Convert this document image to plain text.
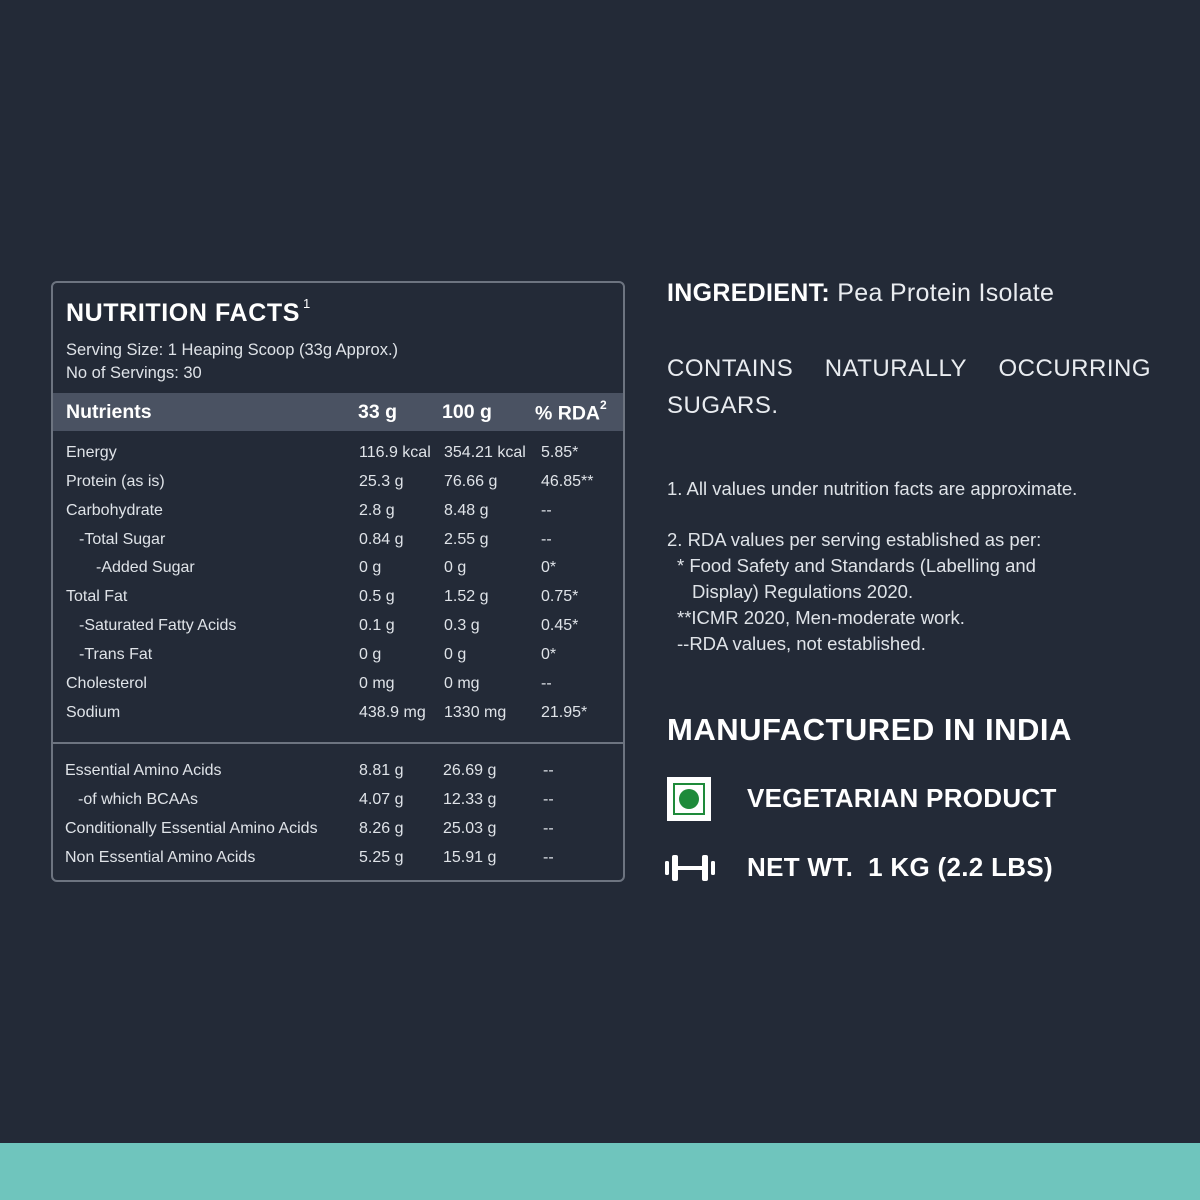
NUTRITION FACTS $^1$
Serving Size: 1 Heaping Scoop (33g Approx.)
No of Servings: 30
Nutrients	33 g 100 g % RDA$^2$
Energy	116.9 kcal 354.21 kcal 5.85*
Protein (as is)	25.3 g	76.66 g	46.85**
Carbohydrate	2.8 g	8.48 g	--
-Total Sugar	0.84 g	2.55 g	--
-Added Sugar	0 g	0 g	0*
Total Fat	0.5 g	1.52 g	0.75*
-Saturated Fatty Acids	0.1 g	0.3 g	0.45*
-Trans Fat	0 g	0 g	0*
Cholesterol	0 mg	0 mg	--
Sodium	438.9 mg 1330 mg 21.95*
Essential Amino Acids	8.81 g 26.69 g	--
-of which BCAAs	4.07 g 12.33 g	--
Conditionally Essential Amino Acids	8.26 g 25.03 g	--
Non Essential Amino Acids	5.25 g 15.91 g	--
INGREDIENT: Pea Protein Isolate
CONTAINS NATURALLY OCCURRING
SUGARS.
1. All values under nutrition facts are approximate.
2. RDA values per serving established as per:
* Food Safety and Standards (Labelling and
Display) Regulations 2020.
**ICMR 2020, Men-moderate work.
--RDA values, not established.
MANUFACTURED IN INDIA
VEGETARIAN PRODUCT
NET WT.  1 KG (2.2 LBS)
